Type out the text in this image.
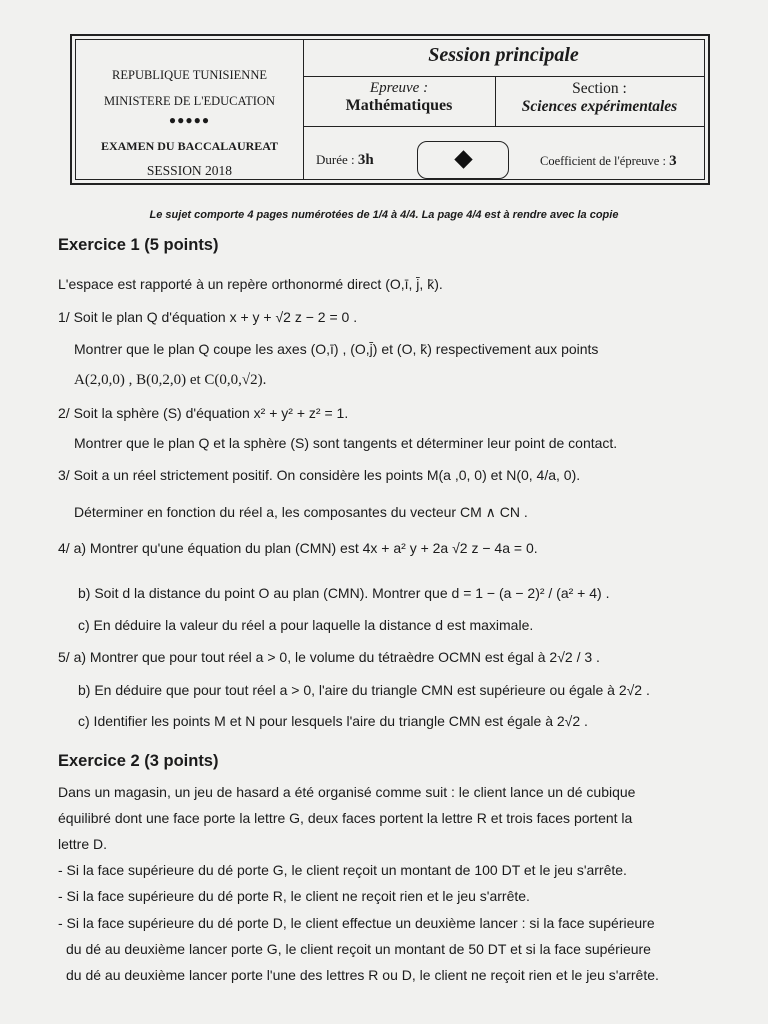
REPUBLIQUE TUNISIENNE
MINISTERE DE L'EDUCATION
●●●●●
EXAMEN DU BACCALAUREAT
SESSION 2018
Session principale
Epreuve :
Mathématiques
Section :
Sciences expérimentales
Durée : 3h	Coefficient de l'épreuve : 3
Le sujet comporte 4 pages numérotées de 1/4 à 4/4. La page 4/4 est à rendre avec la copie
Exercice 1 (5 points)
L'espace est rapporté à un repère orthonormé direct (O,ī, j̄, k̄).
1/ Soit le plan Q d'équation x + y + √2 z − 2 = 0 .
Montrer que le plan Q coupe les axes (O,ī) , (O,j̄) et (O, k̄) respectivement aux points
A(2,0,0) , B(0,2,0) et C(0,0,√2).
2/ Soit la sphère (S) d'équation x² + y² + z² = 1.
Montrer que le plan Q et la sphère (S) sont tangents et déterminer leur point de contact.
3/ Soit a un réel strictement positif. On considère les points M(a ,0, 0) et N(0, 4/a, 0).
Déterminer en fonction du réel a, les composantes du vecteur CM ∧ CN .
4/ a) Montrer qu'une équation du plan (CMN) est 4x + a² y + 2a √2 z − 4a = 0.
b) Soit d la distance du point O au plan (CMN). Montrer que d = 1 − (a − 2)² / (a² + 4) .
c) En déduire la valeur du réel a pour laquelle la distance d est maximale.
5/ a) Montrer que pour tout réel a > 0, le volume du tétraèdre OCMN est égal à 2√2 / 3 .
b) En déduire que pour tout réel a > 0, l'aire du triangle CMN est supérieure ou égale à 2√2 .
c) Identifier les points M et N pour lesquels l'aire du triangle CMN est égale à 2√2 .
Exercice 2 (3 points)
Dans un magasin, un jeu de hasard a été organisé comme suit : le client lance un dé cubique
équilibré dont une face porte la lettre G, deux faces portent la lettre R et trois faces portent la
lettre D.
- Si la face supérieure du dé porte G, le client reçoit un montant de 100 DT et le jeu s'arrête.
- Si la face supérieure du dé porte R, le client ne reçoit rien et le jeu s'arrête.
- Si la face supérieure du dé porte D, le client effectue un deuxième lancer : si la face supérieure
du dé au deuxième lancer porte G, le client reçoit un montant de 50 DT et si la face supérieure
du dé au deuxième lancer porte l'une des lettres R ou D, le client ne reçoit rien et le jeu s'arrête.
